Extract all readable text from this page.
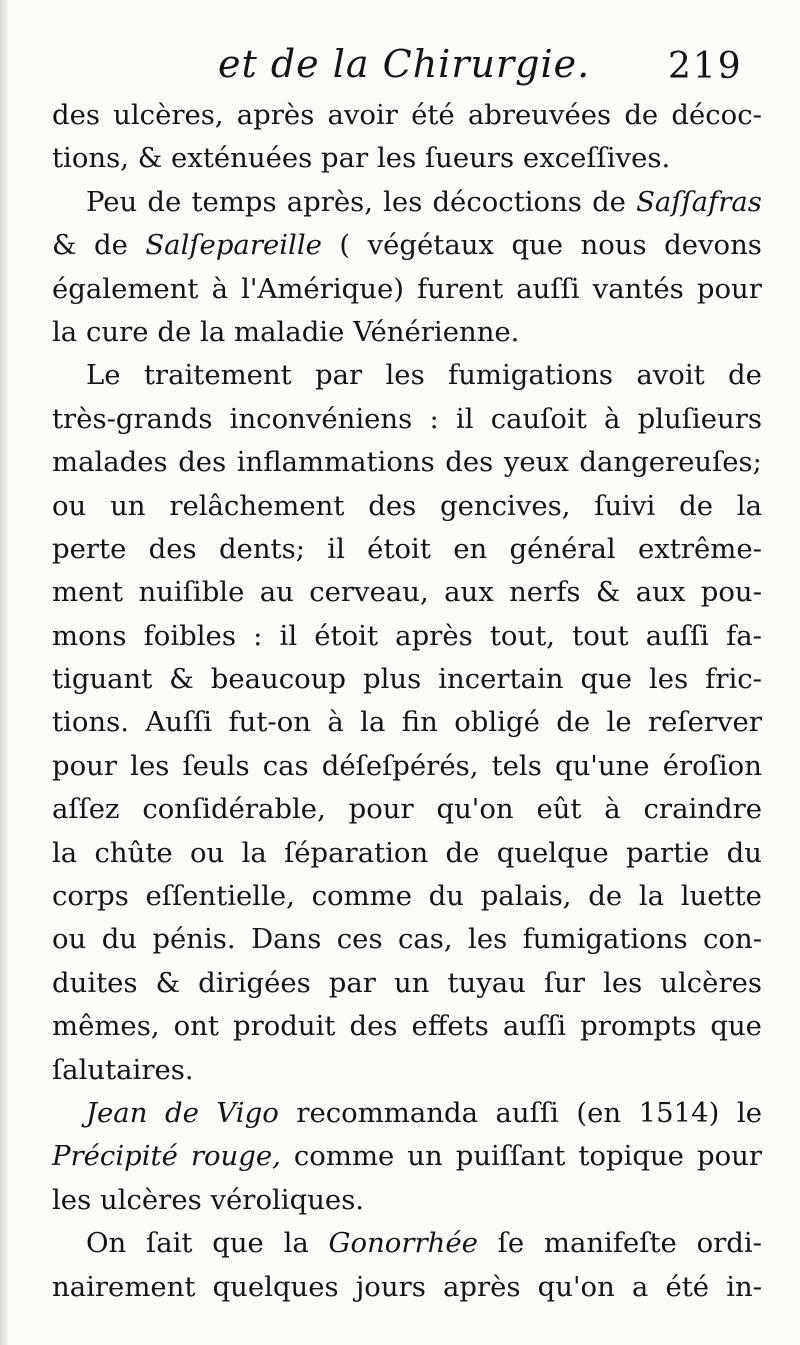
et de la Chirurgie. 219
des ulcères, après avoir été abreuvées de décoc-
tions, & exténuées par les ſueurs exceſſives.
Peu de temps après, les décoctions de Saſſafras
& de Salſepareille ( végétaux que nous devons
également à l'Amérique) furent auſſi vantés pour
la cure de la maladie Vénérienne.
Le traitement par les fumigations avoit de
très-grands inconvéniens : il cauſoit à pluſieurs
malades des inflammations des yeux dangereuſes;
ou un relâchement des gencives, ſuivi de la
perte des dents; il étoit en général extrême-
ment nuiſible au cerveau, aux nerfs & aux pou-
mons foibles : il étoit après tout, tout auſſi fa-
tiguant & beaucoup plus incertain que les fric-
tions. Auſſi fut-on à la fin obligé de le reſerver
pour les ſeuls cas déſeſpérés, tels qu'une éroſion
aſſez conſidérable, pour qu'on eût à craindre
la chûte ou la ſéparation de quelque partie du
corps eſſentielle, comme du palais, de la luette
ou du pénis. Dans ces cas, les fumigations con-
duites & dirigées par un tuyau ſur les ulcères
mêmes, ont produit des effets auſſi prompts que
ſalutaires.
Jean de Vigo recommanda auſſi (en 1514) le
Précipité rouge, comme un puiſſant topique pour
les ulcères véroliques.
On ſait que la Gonorrhée ſe manifeſte ordi-
nairement quelques jours après qu'on a été in-
